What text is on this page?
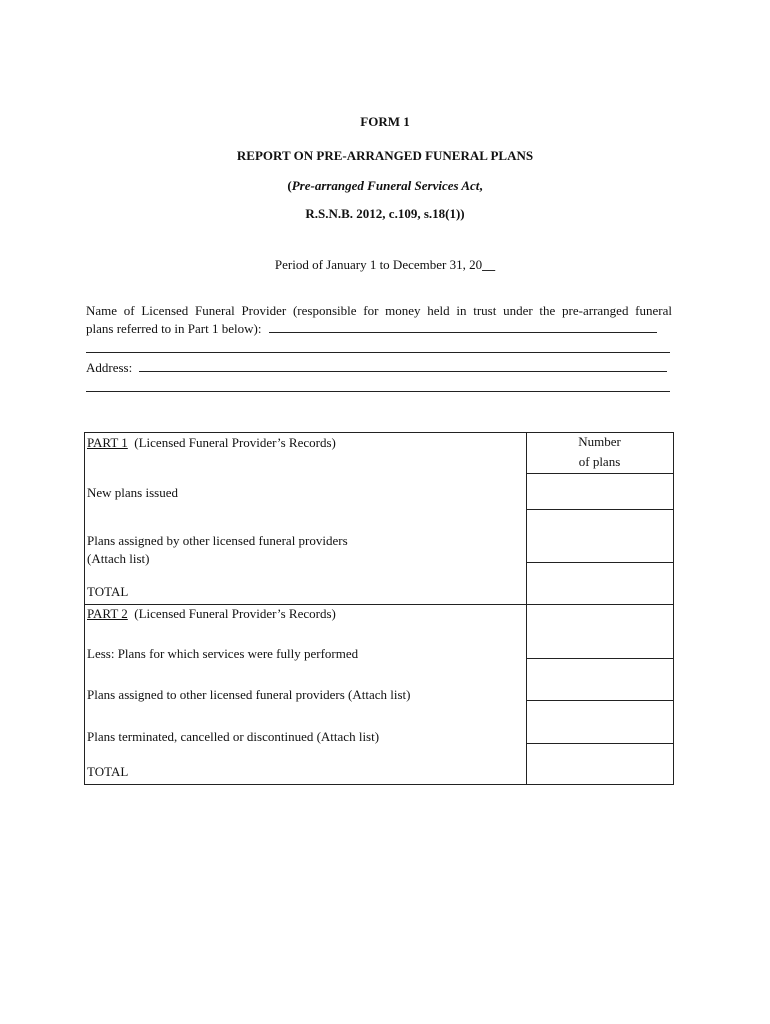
FORM 1
REPORT ON PRE-ARRANGED FUNERAL PLANS
(Pre-arranged Funeral Services Act,
R.S.N.B. 2012, c.109, s.18(1))
Period of January 1 to December 31, 20__
Name of Licensed Funeral Provider (responsible for money held in trust under the pre-arranged funeral
plans referred to in Part 1 below):
Address:
Number
of plans
PART 1 (Licensed Funeral Provider’s Records)
New plans issued
Plans assigned by other licensed funeral providers
(Attach list)
TOTAL
PART 2 (Licensed Funeral Provider’s Records)
Less: Plans for which services were fully performed
Plans assigned to other licensed funeral providers (Attach list)
Plans terminated, cancelled or discontinued (Attach list)
TOTAL
